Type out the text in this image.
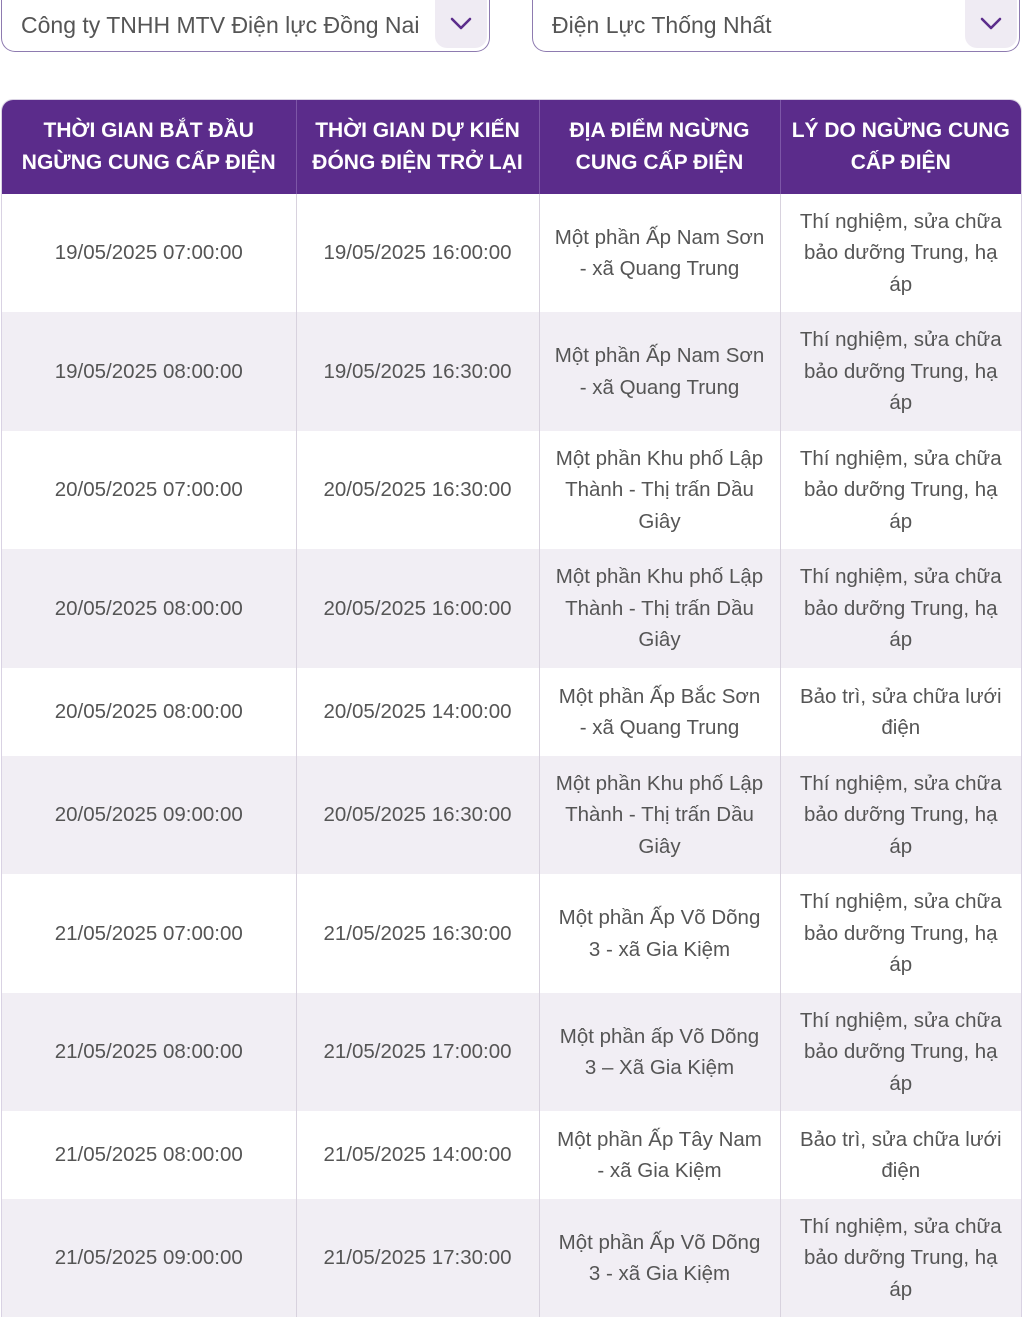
Công ty TNHH MTV Điện lực Đồng Nai	Điện Lực Thống Nhất
THỜI GIAN BẮT ĐẦU NGỪNG CUNG CẤP ĐIỆN	THỜI GIAN DỰ KIẾN ĐÓNG ĐIỆN TRỞ LẠI	ĐỊA ĐIỂM NGỪNG CUNG CẤP ĐIỆN	LÝ DO NGỪNG CUNG CẤP ĐIỆN
19/05/2025 07:00:00	19/05/2025 16:00:00	Một phần Ấp Nam Sơn - xã Quang Trung	Thí nghiệm, sửa chữa bảo dưỡng Trung, hạ áp
19/05/2025 08:00:00	19/05/2025 16:30:00	Một phần Ấp Nam Sơn - xã Quang Trung	Thí nghiệm, sửa chữa bảo dưỡng Trung, hạ áp
20/05/2025 07:00:00	20/05/2025 16:30:00	Một phần Khu phố Lập Thành - Thị trấn Dầu Giây	Thí nghiệm, sửa chữa bảo dưỡng Trung, hạ áp
20/05/2025 08:00:00	20/05/2025 16:00:00	Một phần Khu phố Lập Thành - Thị trấn Dầu Giây	Thí nghiệm, sửa chữa bảo dưỡng Trung, hạ áp
20/05/2025 08:00:00	20/05/2025 14:00:00	Một phần Ấp Bắc Sơn - xã Quang Trung	Bảo trì, sửa chữa lưới điện
20/05/2025 09:00:00	20/05/2025 16:30:00	Một phần Khu phố Lập Thành - Thị trấn Dầu Giây	Thí nghiệm, sửa chữa bảo dưỡng Trung, hạ áp
21/05/2025 07:00:00	21/05/2025 16:30:00	Một phần Ấp Võ Dõng 3 - xã Gia Kiệm	Thí nghiệm, sửa chữa bảo dưỡng Trung, hạ áp
21/05/2025 08:00:00	21/05/2025 17:00:00	Một phần ấp Võ Dõng 3 – Xã Gia Kiệm	Thí nghiệm, sửa chữa bảo dưỡng Trung, hạ áp
21/05/2025 08:00:00	21/05/2025 14:00:00	Một phần Ấp Tây Nam - xã Gia Kiệm	Bảo trì, sửa chữa lưới điện
21/05/2025 09:00:00	21/05/2025 17:30:00	Một phần Ấp Võ Dõng 3 - xã Gia Kiệm	Thí nghiệm, sửa chữa bảo dưỡng Trung, hạ áp
